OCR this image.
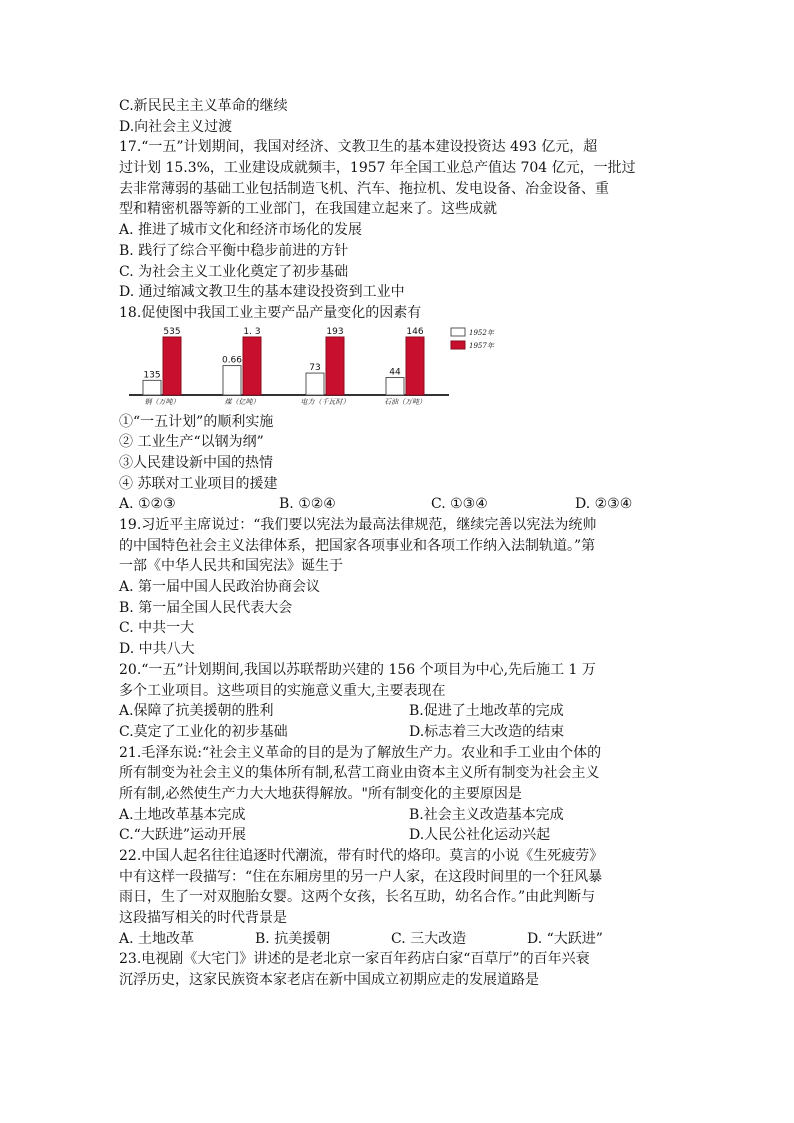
C.新民民主主义革命的继续
D.向社会主义过渡
17.“一五”计划期间，我国对经济、文教卫生的基本建设投资达 493 亿元，超
过计划 15.3%，工业建设成就频丰，1957 年全国工业总产值达 704 亿元，一批过
去非常薄弱的基础工业包括制造飞机、汽车、拖拉机、发电设备、冶金设备、重
型和精密机器等新的工业部门，在我国建立起来了。这些成就
A. 推进了城市文化和经济市场化的发展
B. 践行了综合平衡中稳步前进的方针
C. 为社会主义工业化奠定了初步基础
D. 通过缩减文教卫生的基本建设投资到工业中
18.促使图中我国工业主要产品产量变化的因素有
135
535
钢（万吨）
0.66
1. 3
煤（亿吨）
73
193
电力（千瓦时）
44
146
石油（万吨）
1952年
1957年
①“一五计划”的顺利实施
② 工业生产“以钢为纲”
③人民建设新中国的热情
④ 苏联对工业项目的援建
A. ①②③	B. ①②④	C. ①③④	D. ②③④
19.习近平主席说过：“我们要以宪法为最高法律规范，继续完善以宪法为统帅
的中国特色社会主义法律体系，把国家各项事业和各项工作纳入法制轨道。”第
一部《中华人民共和国宪法》诞生于
A. 第一届中国人民政治协商会议
B. 第一届全国人民代表大会
C. 中共一大
D. 中共八大
20.“一五”计划期间,我国以苏联帮助兴建的 156 个项目为中心,先后施工 1 万
多个工业项目。这些项目的实施意义重大,主要表现在
A.保障了抗美援朝的胜利	B.促进了土地改革的完成
C.莫定了工业化的初步基础	D.标志着三大改造的结束
21.毛泽东说:“社会主义革命的目的是为了解放生产力。农业和手工业由个体的
所有制变为社会主义的集体所有制,私营工商业由资本主义所有制变为社会主义
所有制,必然使生产力大大地获得解放。"所有制变化的主要原因是
A.土地改革基本完成	B.社会主义改造基本完成
C.“大跃进”运动开展	D.人民公社化运动兴起
22.中国人起名往往追逐时代潮流，带有时代的烙印。莫言的小说《生死疲劳》
中有这样一段描写：“住在东厢房里的另一户人家，在这段时间里的一个狂风暴
雨日，生了一对双胞胎女婴。这两个女孩，长名互助，幼名合作。”由此判断与
这段描写相关的时代背景是
A. 土地改革	B. 抗美援朝	C. 三大改造	D. “大跃进”
23.电视剧《大宅门》讲述的是老北京一家百年药店白家“百草厅”的百年兴衰
沉浮历史，这家民族资本家老店在新中国成立初期应走的发展道路是
